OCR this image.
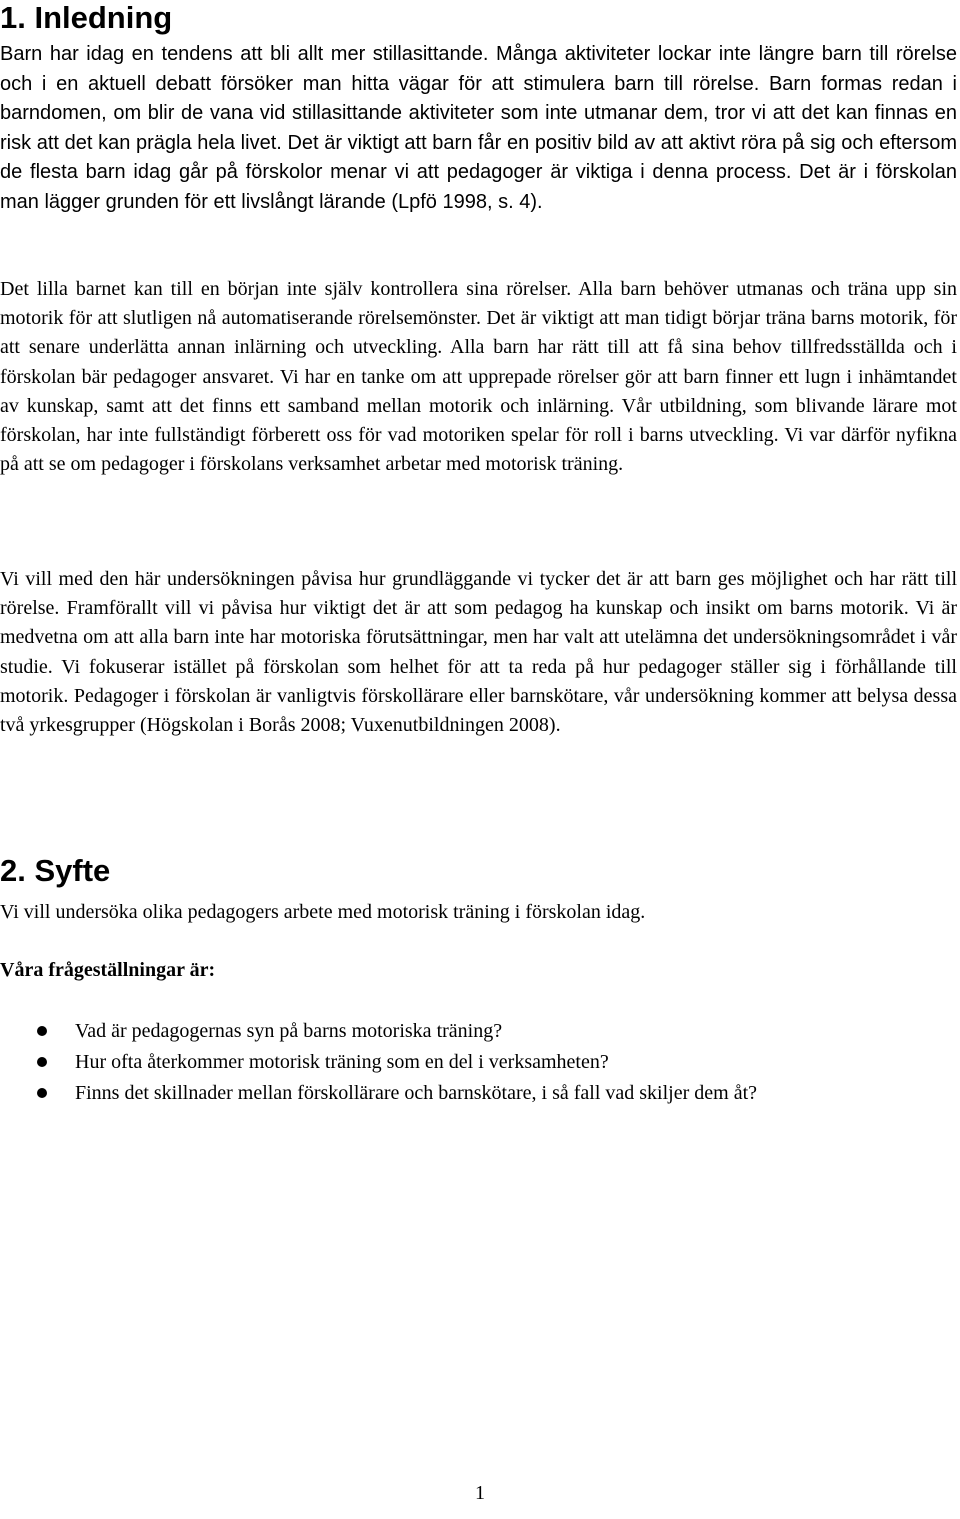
1. Inledning

Barn har idag en tendens att bli allt mer stillasittande. Många aktiviteter lockar inte längre barn till rörelse och i en aktuell debatt försöker man hitta vägar för att stimulera barn till rörelse. Barn formas redan i barndomen, om blir de vana vid stillasittande aktiviteter som inte utmanar dem, tror vi att det kan finnas en risk att det kan prägla hela livet. Det är viktigt att barn får en positiv bild av att aktivt röra på sig och eftersom de flesta barn idag går på förskolor menar vi att pedagoger är viktiga i denna process. Det är i förskolan man lägger grunden för ett livslångt lärande (Lpfö 1998, s. 4).

Det lilla barnet kan till en början inte själv kontrollera sina rörelser. Alla barn behöver utmanas och träna upp sin motorik för att slutligen nå automatiserande rörelsemönster. Det är viktigt att man tidigt börjar träna barns motorik, för att senare underlätta annan inlärning och utveckling. Alla barn har rätt till att få sina behov tillfredsställda och i förskolan bär pedagoger ansvaret. Vi har en tanke om att upprepade rörelser gör att barn finner ett lugn i inhämtandet av kunskap, samt att det finns ett samband mellan motorik och inlärning. Vår utbildning, som blivande lärare mot förskolan, har inte fullständigt förberett oss för vad motoriken spelar för roll i barns utveckling. Vi var därför nyfikna på att se om pedagoger i förskolans verksamhet arbetar med motorisk träning.

Vi vill med den här undersökningen påvisa hur grundläggande vi tycker det är att barn ges möjlighet och har rätt till rörelse. Framförallt vill vi påvisa hur viktigt det är att som pedagog ha kunskap och insikt om barns motorik. Vi är medvetna om att alla barn inte har motoriska förutsättningar, men har valt att utelämna det undersökningsområdet i vår studie. Vi fokuserar istället på förskolan som helhet för att ta reda på hur pedagoger ställer sig i förhållande till motorik. Pedagoger i förskolan är vanligtvis förskollärare eller barnskötare, vår undersökning kommer att belysa dessa två yrkesgrupper (Högskolan i Borås 2008; Vuxenutbildningen 2008).

2. Syfte

Vi vill undersöka olika pedagogers arbete med motorisk träning i förskolan idag.

Våra frågeställningar är:

Vad är pedagogernas syn på barns motoriska träning?
Hur ofta återkommer motorisk träning som en del i verksamheten?
Finns det skillnader mellan förskollärare och barnskötare, i så fall vad skiljer dem åt?
1
